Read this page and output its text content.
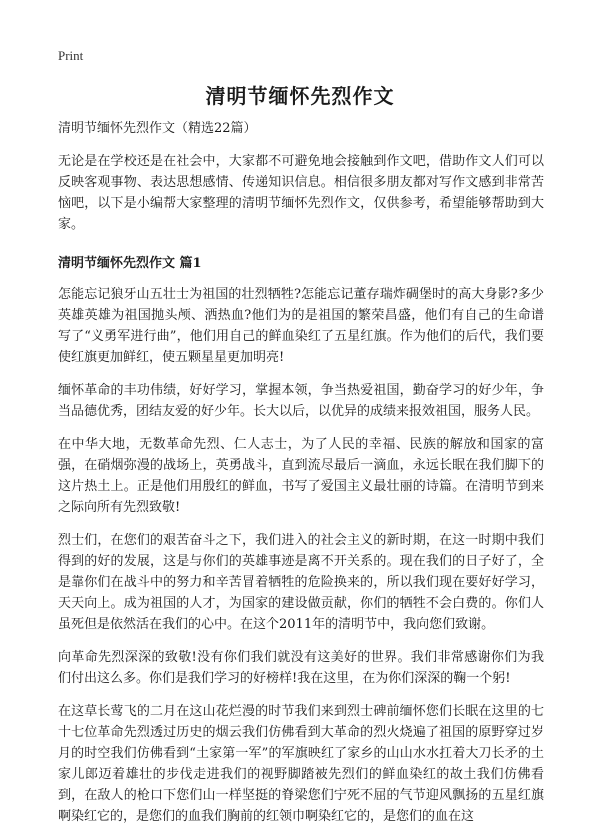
Print
清明节缅怀先烈作文

清明节缅怀先烈作文（精选22篇）

无论是在学校还是在社会中，大家都不可避免地会接触到作文吧，借助作文人们可以反映客观事物、表达思想感情、传递知识信息。相信很多朋友都对写作文感到非常苦恼吧，以下是小编帮大家整理的清明节缅怀先烈作文，仅供参考，希望能够帮助到大家。

清明节缅怀先烈作文 篇1

怎能忘记狼牙山五壮士为祖国的壮烈牺牲?怎能忘记董存瑞炸碉堡时的高大身影?多少英雄英雄为祖国抛头颅、洒热血?他们为的是祖国的繁荣昌盛，他们有自己的生命谱写了“义勇军进行曲”，他们用自己的鲜血染红了五星红旗。作为他们的后代，我们要使红旗更加鲜红，使五颗星星更加明亮!

缅怀革命的丰功伟绩，好好学习，掌握本领，争当热爱祖国，勤奋学习的好少年，争当品德优秀，团结友爱的好少年。长大以后，以优异的成绩来报效祖国，服务人民。

在中华大地，无数革命先烈、仁人志士，为了人民的幸福、民族的解放和国家的富强，在硝烟弥漫的战场上，英勇战斗，直到流尽最后一滴血，永远长眠在我们脚下的 这片热土上。正是他们用殷红的鲜血，书写了爱国主义最壮丽的诗篇。在清明节到来之际向所有先烈致敬!

烈士们，在您们的艰苦奋斗之下，我们进入的社会主义的新时期，在这一时期中我们得到的好的发展，这是与你们的英雄事迹是离不开关系的。现在我们的日子好了，全是靠你们在战斗中的努力和辛苦冒着牺牲的危险换来的，所以我们现在要好好学习，天天向上。成为祖国的人才，为国家的建设做贡献，你们的牺牲不会白费的。你们人虽死但是依然活在我们的心中。在这个2011年的清明节中，我向您们致谢。

向革命先烈深深的致敬!没有你们我们就没有这美好的世界。我们非常感谢你们为我们付出这么多。你们是我们学习的好榜样!我在这里，在为你们深深的鞠一个躬!

在这草长莺飞的二月在这山花烂漫的时节我们来到烈士碑前缅怀您们长眠在这里的七十七位革命先烈透过历史的烟云我们仿佛看到大革命的烈火烧遍了祖国的原野穿过岁月的时空我们仿佛看到“土家第一军”的军旗映红了家乡的山山水水扛着大刀长矛的土家儿郎迈着雄壮的步伐走进我们的视野脚踏被先烈们的鲜血染红的故土我们仿佛看到，在敌人的枪口下您们山一样坚挺的脊梁您们宁死不屈的气节迎风飘扬的五星红旗啊染红它的，是您们的血我们胸前的红领巾啊染红它的，是您们的血在这
